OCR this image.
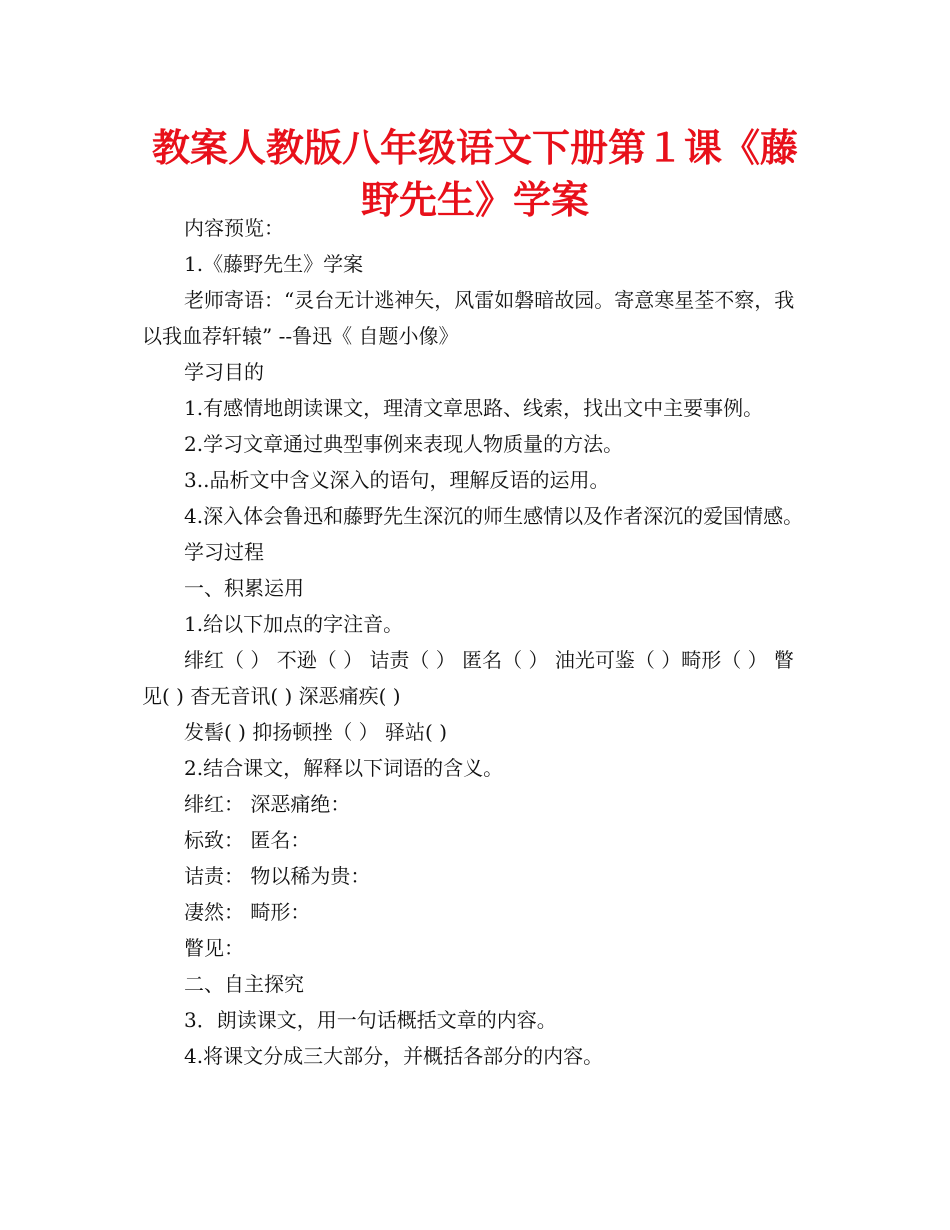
教案人教版八年级语文下册第１课《藤野先生》学案

内容预览：

1.《藤野先生》学案

老师寄语：“灵台无计逃神矢，风雷如磐暗故园。寄意寒星荃不察，我以我血荐轩辕” --鲁迅《 自题小像》

学习目的

1.有感情地朗读课文，理清文章思路、线索，找出文中主要事例。

2.学习文章通过典型事例来表现人物质量的方法。

3..品析文中含义深入的语句，理解反语的运用。

4.深入体会鲁迅和藤野先生深沉的师生感情以及作者深沉的爱国情感。

学习过程

一、积累运用

1.给以下加点的字注音。

绯红（ ） 不逊（ ） 诘责（ ） 匿名（ ） 油光可鉴（ ）畸形（ ） 瞥见( ) 杳无音讯( ) 深恶痛疾( )

发髻( ) 抑扬顿挫（ ） 驿站( )

2.结合课文，解释以下词语的含义。

绯红： 深恶痛绝：

标致： 匿名：

诘责： 物以稀为贵：

凄然： 畸形：

瞥见：

二、自主探究

3．朗读课文，用一句话概括文章的内容。

4.将课文分成三大部分，并概括各部分的内容。
